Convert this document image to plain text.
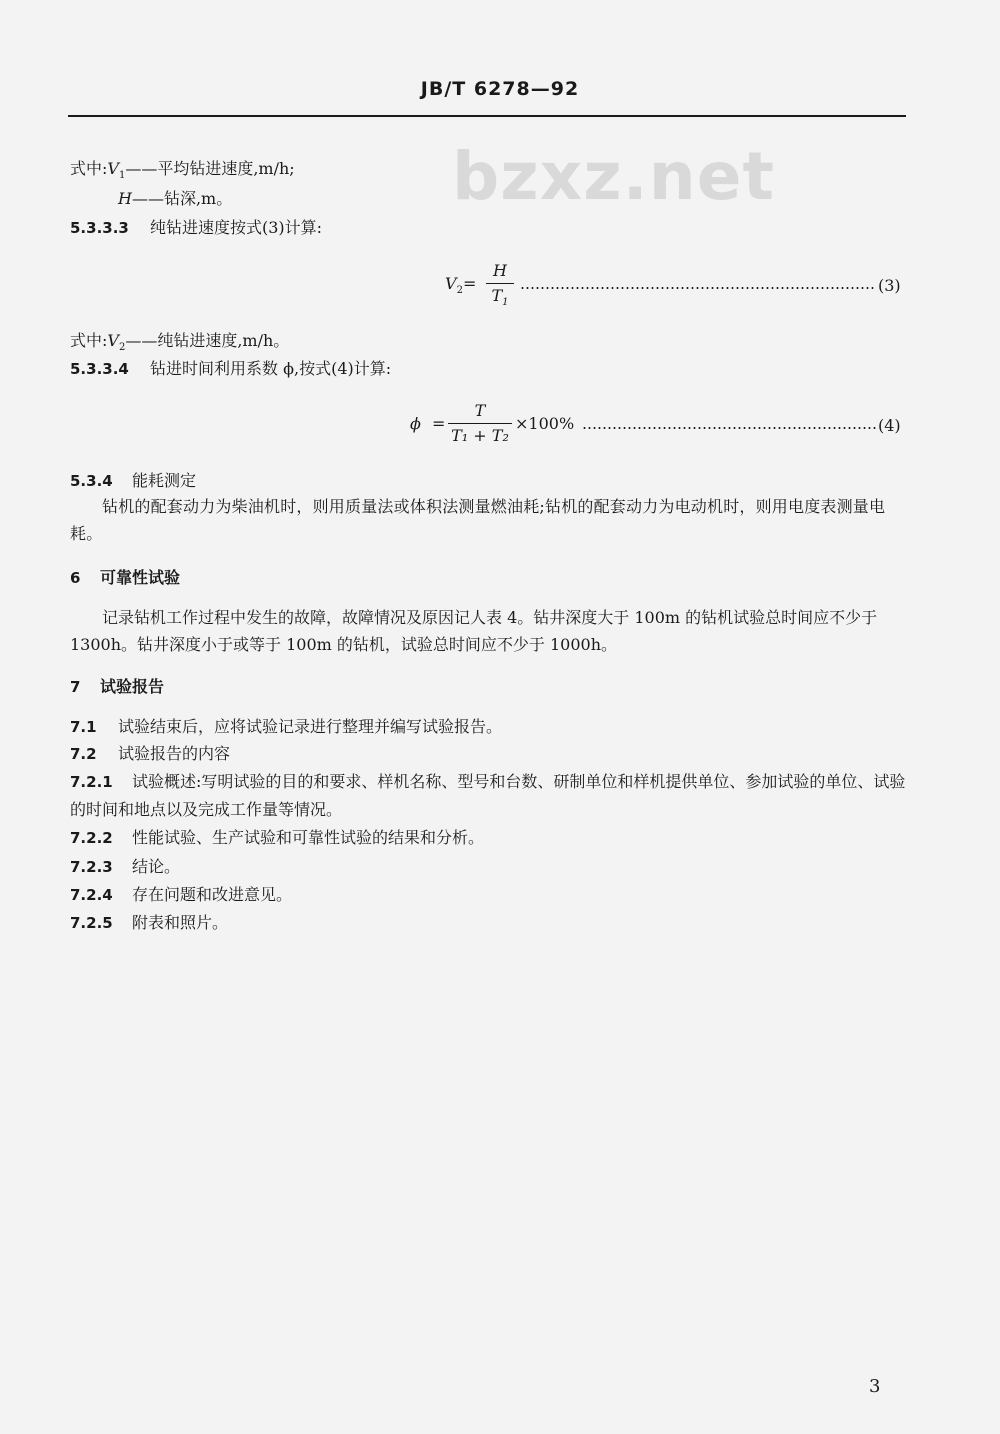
JB/T 6278—92
bzxz.net
式中$:V_1——$平均钻进速度,m/h;
H——钻深,m。
5.3.3.3 纯钻进速度按式(3)计算:
$V_2=$
H
$T_1$
(3)
式中$:V_2——$纯钻进速度,m/h。
5.3.3.4 钻进时间利用系数 ϕ,按式(4)计算:
ϕ =
T
T₁ + T₂
×100%	(4)
5.3.4 能耗测定
钻机的配套动力为柴油机时，则用质量法或体积法测量燃油耗;钻机的配套动力为电动机时，则用电度表测量电耗。
6 可靠性试验
记录钻机工作过程中发生的故障，故障情况及原因记人表 4。钻井深度大于 100m 的钻机试验总时间应不少于 1300h。钻井深度小于或等于 100m 的钻机，试验总时间应不少于 1000h。
7 试验报告
7.1 试验结束后，应将试验记录进行整理并编写试验报告。
7.2 试验报告的内容
7.2.1 试验概述:写明试验的目的和要求、样机名称、型号和台数、研制单位和样机提供单位、参加试验的单位、试验的时间和地点以及完成工作量等情况。
7.2.2 性能试验、生产试验和可靠性试验的结果和分析。
7.2.3 结论。
7.2.4 存在问题和改进意见。
7.2.5 附表和照片。
3
